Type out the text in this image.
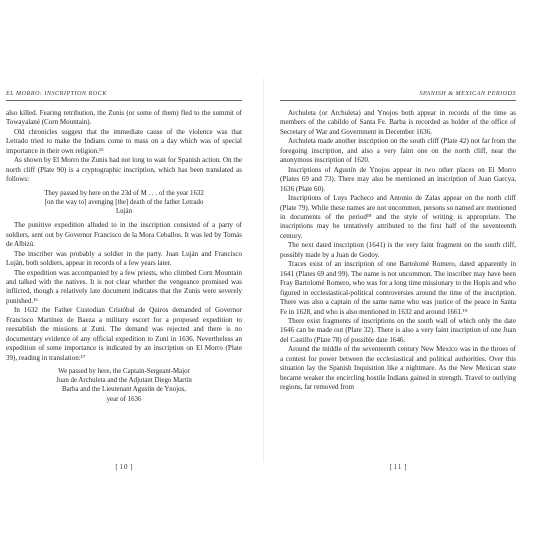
EL MORRO: INSCRIPTION ROCK

also killed. Fearing retribution, the Zunis (or some of them) fled to the summit of Towayalané (Corn Mountain).

Old chronicles suggest that the immediate cause of the violence was that Letrado tried to make the Indians come to mass on a day which was of special importance in their own religion.¹⁵

As shown by El Morro the Zunis had not long to wait for Spanish action. On the north cliff (Plate 90) is a cryptographic inscription, which has been translated as follows:

They passed by here on the 23d of M . . . of the year 1632
[on the way to] avenging [the] death of the father Letrado
Luján

The punitive expedition alluded to in the inscription consisted of a party of soldiers, sent out by Governor Francisco de la Mora Ceballos. It was led by Tomás de Albizú.

The inscriber was probably a soldier in the party. Juan Luján and Francisco Luján, both soldiers, appear in records of a few years later.

The expedition was accompanied by a few priests, who climbed Corn Mountain and talked with the natives. It is not clear whether the vengeance promised was inflicted, though a relatively late document indicates that the Zunis were severely punished.¹⁶

In 1632 the Father Custodian Cristóbal de Quiros demanded of Governor Francisco Martínez de Baeza a military escort for a proposed expedition to reestablish the missions at Zuni. The demand was rejected and there is no documentary evidence of any official expedition to Zuni in 1636. Nevertheless an expedition of some importance is indicated by an inscription on El Morro (Plate 39), reading in translation:¹⁷

We passed by here, the Captain-Sergeant-Major
Juan de Archuleta and the Adjutant Diego Martín
Barba and the Lieutenant Agustín de Ynojos,
year of 1636
[ 10 ]
SPANISH & MEXICAN PERIODS

Archuleta (or Archuleta) and Ynojos both appear in records of the time as members of the cabildo of Santa Fe. Barba is recorded as holder of the office of Secretary of War and Government in December 1636.

Archuleta made another inscription on the south cliff (Plate 42) not far from the foregoing inscription, and also a very faint one on the north cliff, near the anonymous inscription of 1620.

Inscriptions of Agustín de Ynojos appear in two other places on El Morro (Plates 69 and 73). There may also be mentioned an inscription of Juan Garcya, 1636 (Plate 60).

Inscriptions of Luys Pacheco and Antonio de Zalas appear on the north cliff (Plate 79). While these names are not uncommon, persons so named are mentioned in documents of the period¹⁸ and the style of writing is appropriate. The inscriptions may be tentatively attributed to the first half of the seventeenth century.

The next dated inscription (1641) is the very faint fragment on the south cliff, possibly made by a Juan de Godoy.

Traces exist of an inscription of one Bartolomé Romero, dated apparently in 1641 (Plates 69 and 99). The name is not uncommon. The inscriber may have been Fray Bartolomé Romero, who was for a long time missionary to the Hopis and who figured in ecclesiastical-political controversies around the time of the inscription. There was also a captain of the same name who was justice of the peace in Santa Fe in 1628, and who is also mentioned in 1632 and around 1661.¹⁹

There exist fragments of inscriptions on the south wall of which only the date 1646 can be made out (Plate 32). There is also a very faint inscription of one Juan del Castillo (Plate 78) of possible date 1646.

Around the middle of the seventeenth century New Mexico was in the throes of a contest for power between the ecclesiastical and political authorities. Over this situation lay the Spanish Inquisition like a nightmare. As the New Mexican state became weaker the encircling hostile Indians gained in strength. Travel to outlying regions, far removed from

[ 11 ]
